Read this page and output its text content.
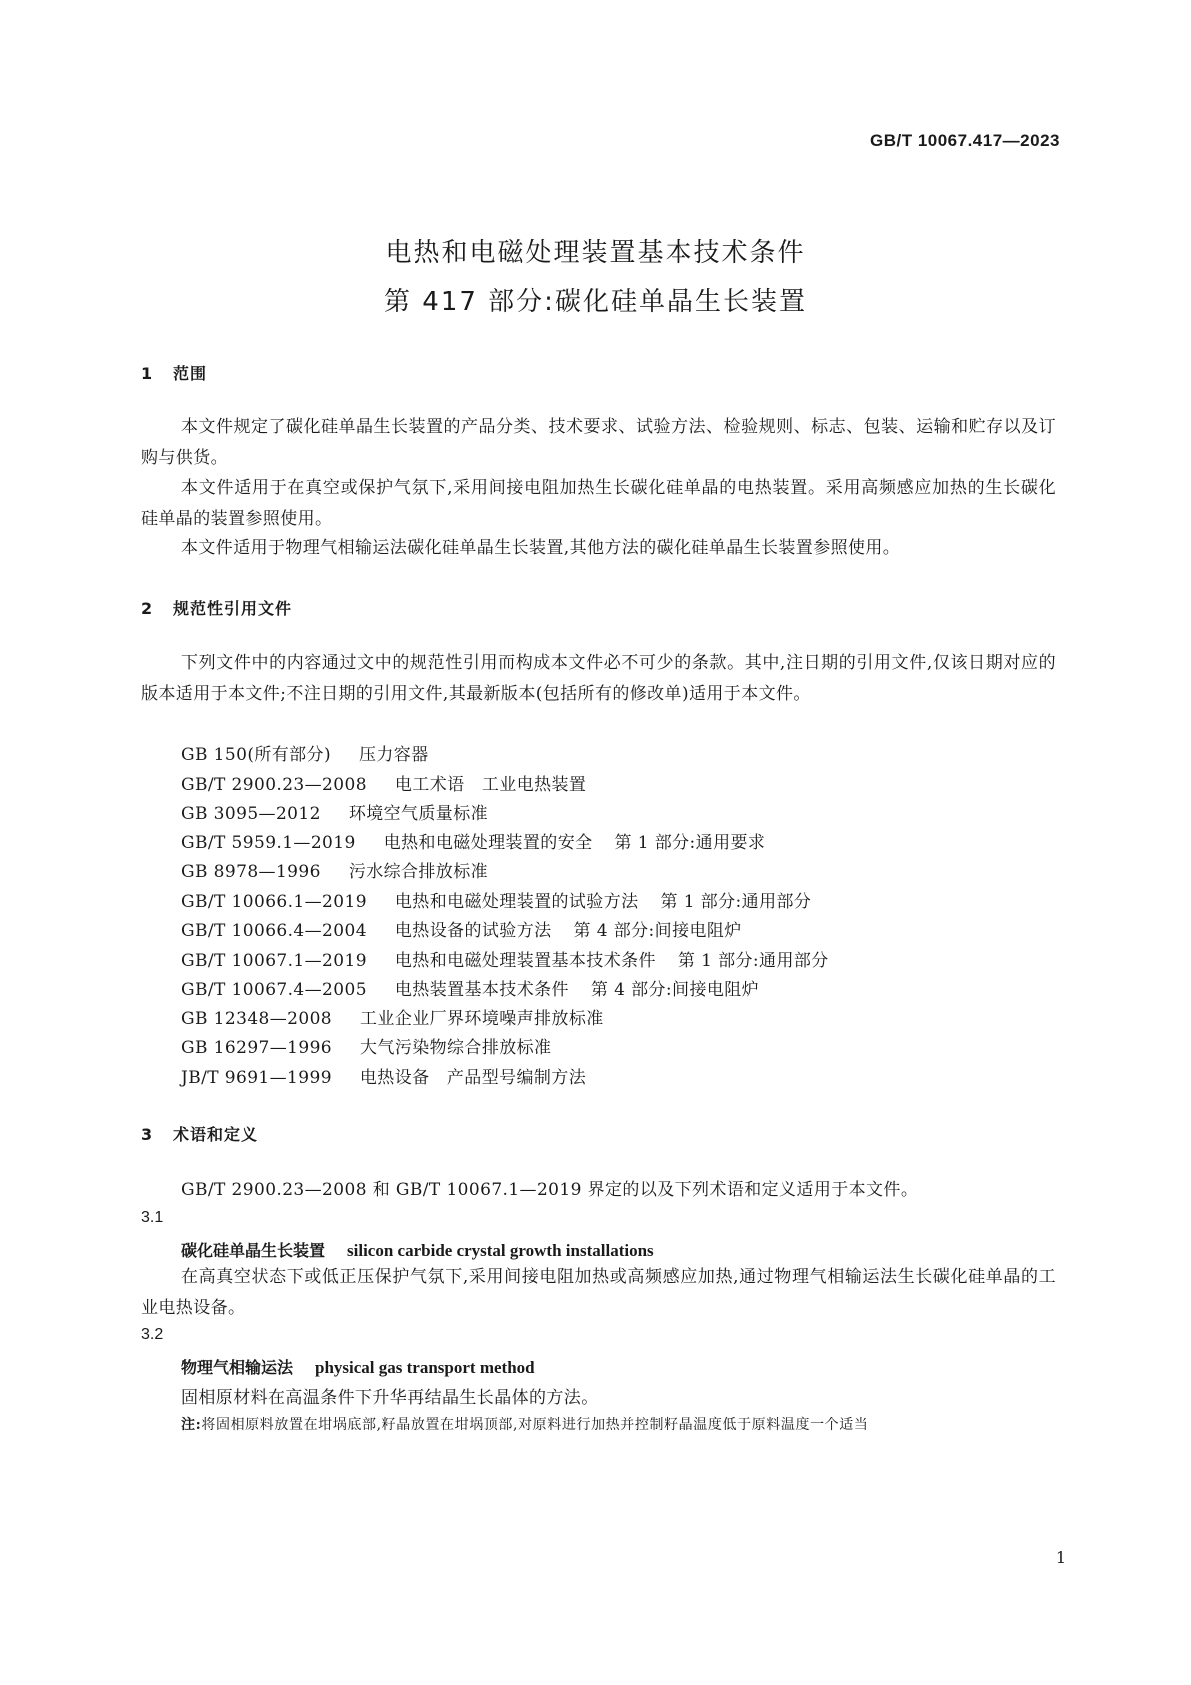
GB/T 10067.417—2023
电热和电磁处理装置基本技术条件
第 417 部分:碳化硅单晶生长装置
1 范围
本文件规定了碳化硅单晶生长装置的产品分类、技术要求、试验方法、检验规则、标志、包装、运输和贮存以及订购与供货。
本文件适用于在真空或保护气氛下,采用间接电阻加热生长碳化硅单晶的电热装置。采用高频感应加热的生长碳化硅单晶的装置参照使用。
本文件适用于物理气相输运法碳化硅单晶生长装置,其他方法的碳化硅单晶生长装置参照使用。
2 规范性引用文件
下列文件中的内容通过文中的规范性引用而构成本文件必不可少的条款。其中,注日期的引用文件,仅该日期对应的版本适用于本文件;不注日期的引用文件,其最新版本(包括所有的修改单)适用于本文件。
GB 150(所有部分) 压力容器
GB/T 2900.23—2008 电工术语　工业电热装置
GB 3095—2012 环境空气质量标准
GB/T 5959.1—2019 电热和电磁处理装置的安全 第 1 部分:通用要求
GB 8978—1996 污水综合排放标准
GB/T 10066.1—2019 电热和电磁处理装置的试验方法 第 1 部分:通用部分
GB/T 10066.4—2004 电热设备的试验方法 第 4 部分:间接电阻炉
GB/T 10067.1—2019 电热和电磁处理装置基本技术条件 第 1 部分:通用部分
GB/T 10067.4—2005 电热装置基本技术条件 第 4 部分:间接电阻炉
GB 12348—2008 工业企业厂界环境噪声排放标准
GB 16297—1996 大气污染物综合排放标准
JB/T 9691—1999 电热设备　产品型号编制方法
3 术语和定义
GB/T 2900.23—2008 和 GB/T 10067.1—2019 界定的以及下列术语和定义适用于本文件。
3.1
碳化硅单晶生长装置 silicon carbide crystal growth installations
在高真空状态下或低正压保护气氛下,采用间接电阻加热或高频感应加热,通过物理气相输运法生长碳化硅单晶的工业电热设备。
3.2
物理气相输运法 physical gas transport method
固相原材料在高温条件下升华再结晶生长晶体的方法。
注:将固相原料放置在坩埚底部,籽晶放置在坩埚顶部,对原料进行加热并控制籽晶温度低于原料温度一个适当
1
